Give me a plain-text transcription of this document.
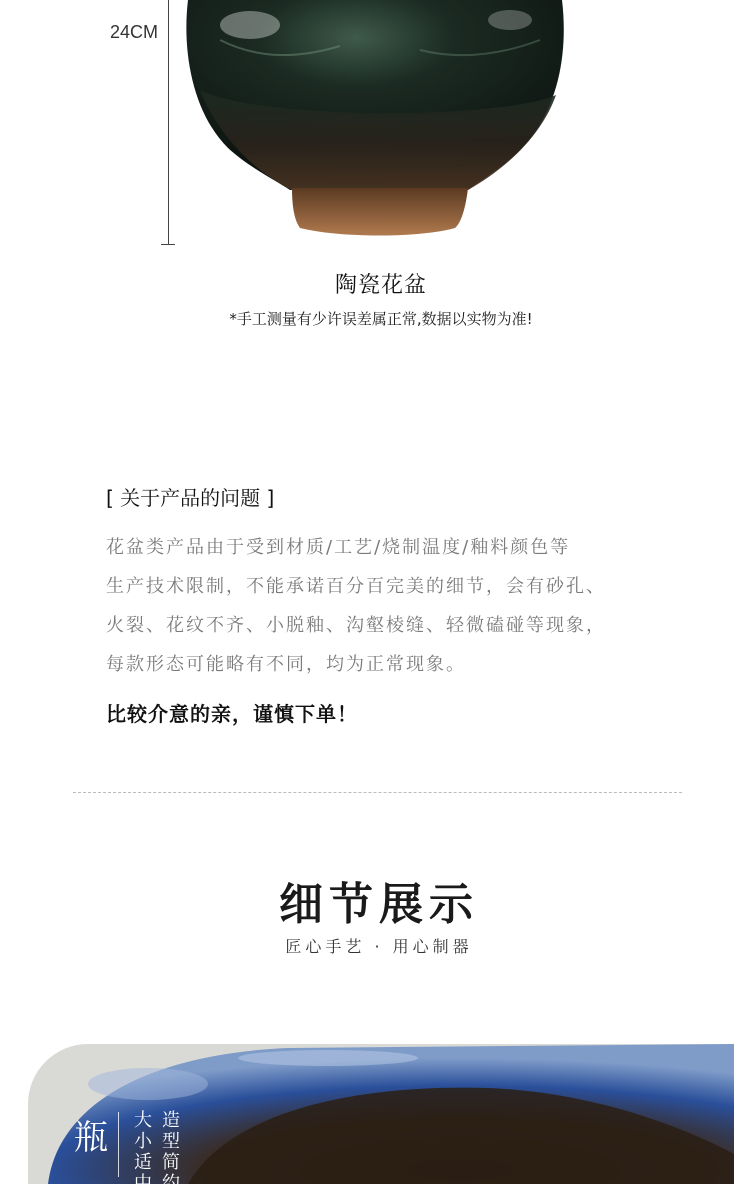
24CM
陶瓷花盆
*手工测量有少许误差属正常,数据以实物为准!
[ 关于产品的问题 ]
花盆类产品由于受到材质/工艺/烧制温度/釉料颜色等
生产技术限制，不能承诺百分百完美的细节，会有砂孔、
火裂、花纹不齐、小脱釉、沟壑棱缝、轻微磕碰等现象，
每款形态可能略有不同，均为正常现象。
比较介意的亲，谨慎下单！
细节展示
匠心手艺 · 用心制器
瓶 大小适中
造型简约
